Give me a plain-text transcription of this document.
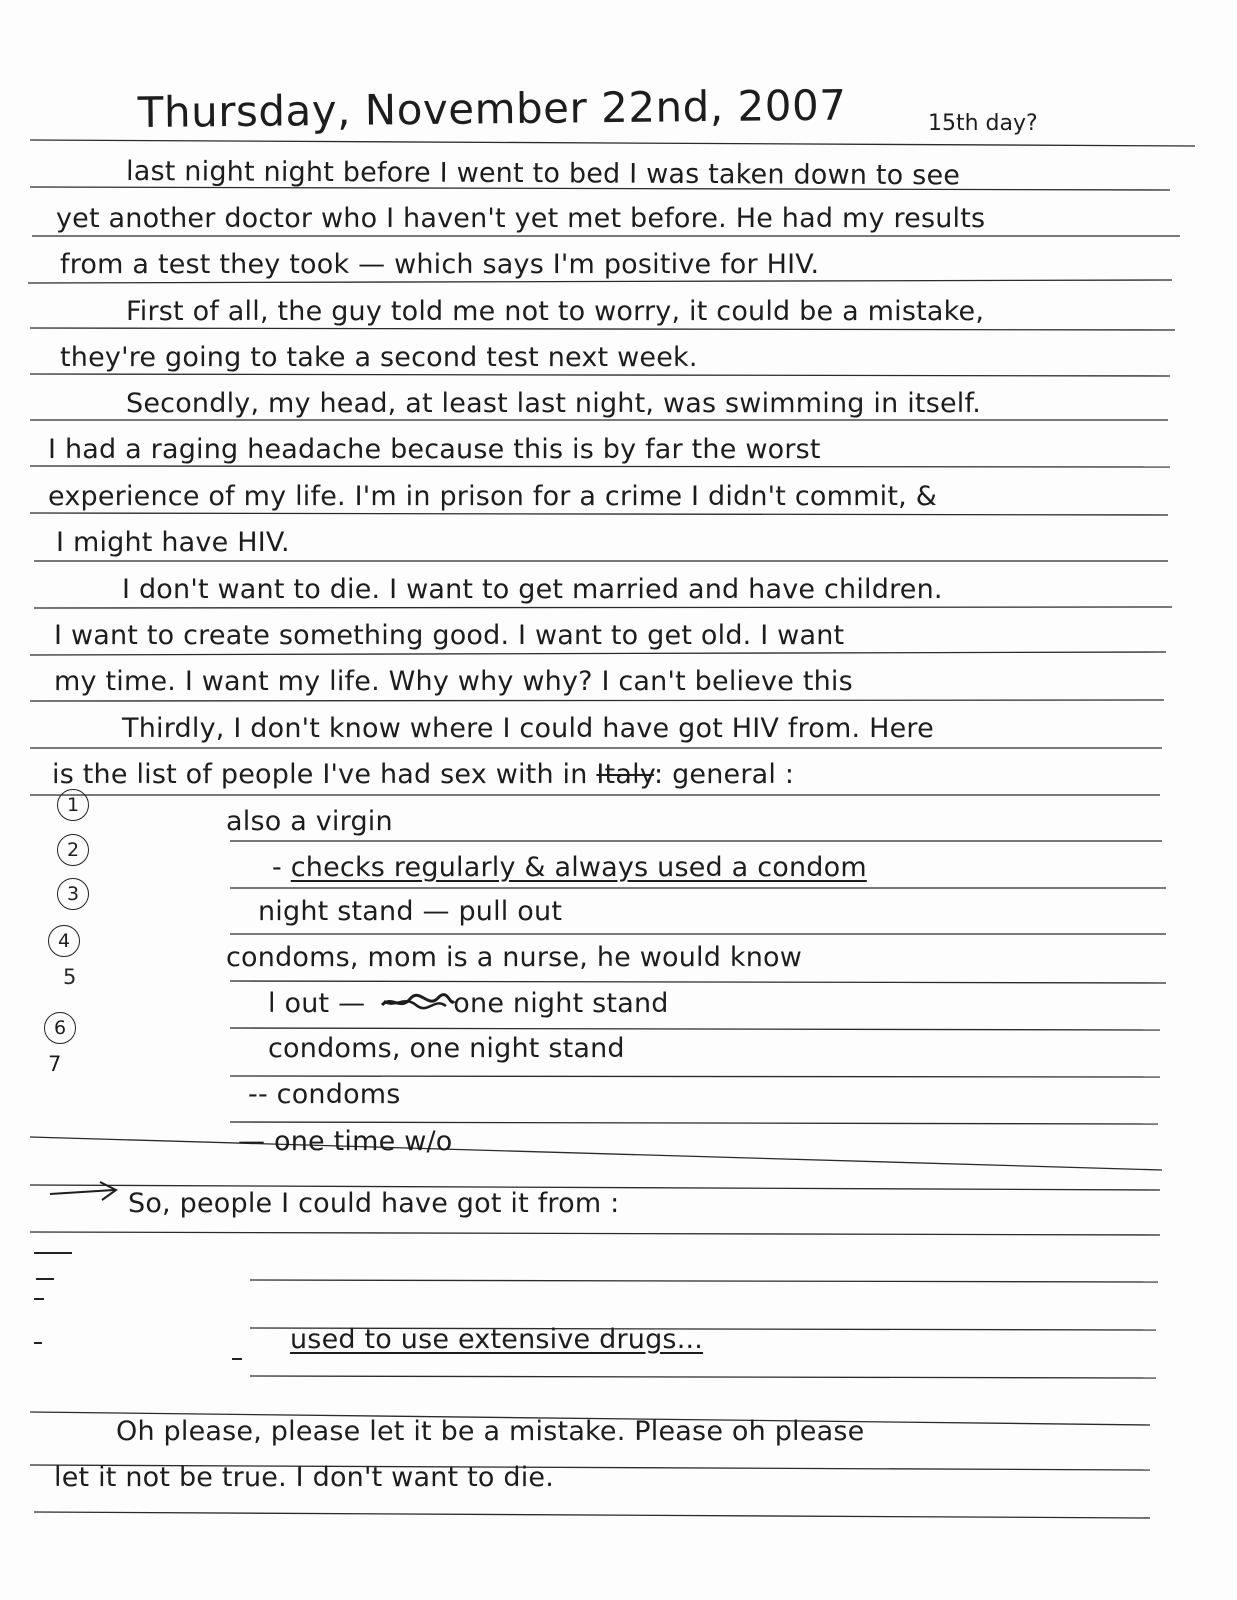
Thursday, November 22nd, 2007	15th day?
last night night before I went to bed I was taken down to see
yet another doctor who I haven't yet met before. He had my results
from a test they took — which says I'm positive for HIV.
First of all, the guy told me not to worry, it could be a mistake,
they're going to take a second test next week.
Secondly, my head, at least last night, was swimming in itself.
I had a raging headache because this is by far the worst
experience of my life. I'm in prison for a crime I didn't commit, &
I might have HIV.
I don't want to die. I want to get married and have children.
I want to create something good. I want to get old. I want
my time. I want my life. Why why why? I can't believe this
Thirdly, I don't know where I could have got HIV from. Here
is the list of people I've had sex with in Italy: general :
1
2
3
4
5
6
7
also a virgin
- checks regularly & always used a condom
night stand — pull out
condoms, mom is a nurse, he would know
l out —	one night stand
condoms, one night stand
-- condoms
— one time w/o
So, people I could have got it from :
used to use extensive drugs...
Oh please, please let it be a mistake. Please oh please
let it not be true. I don't want to die.
